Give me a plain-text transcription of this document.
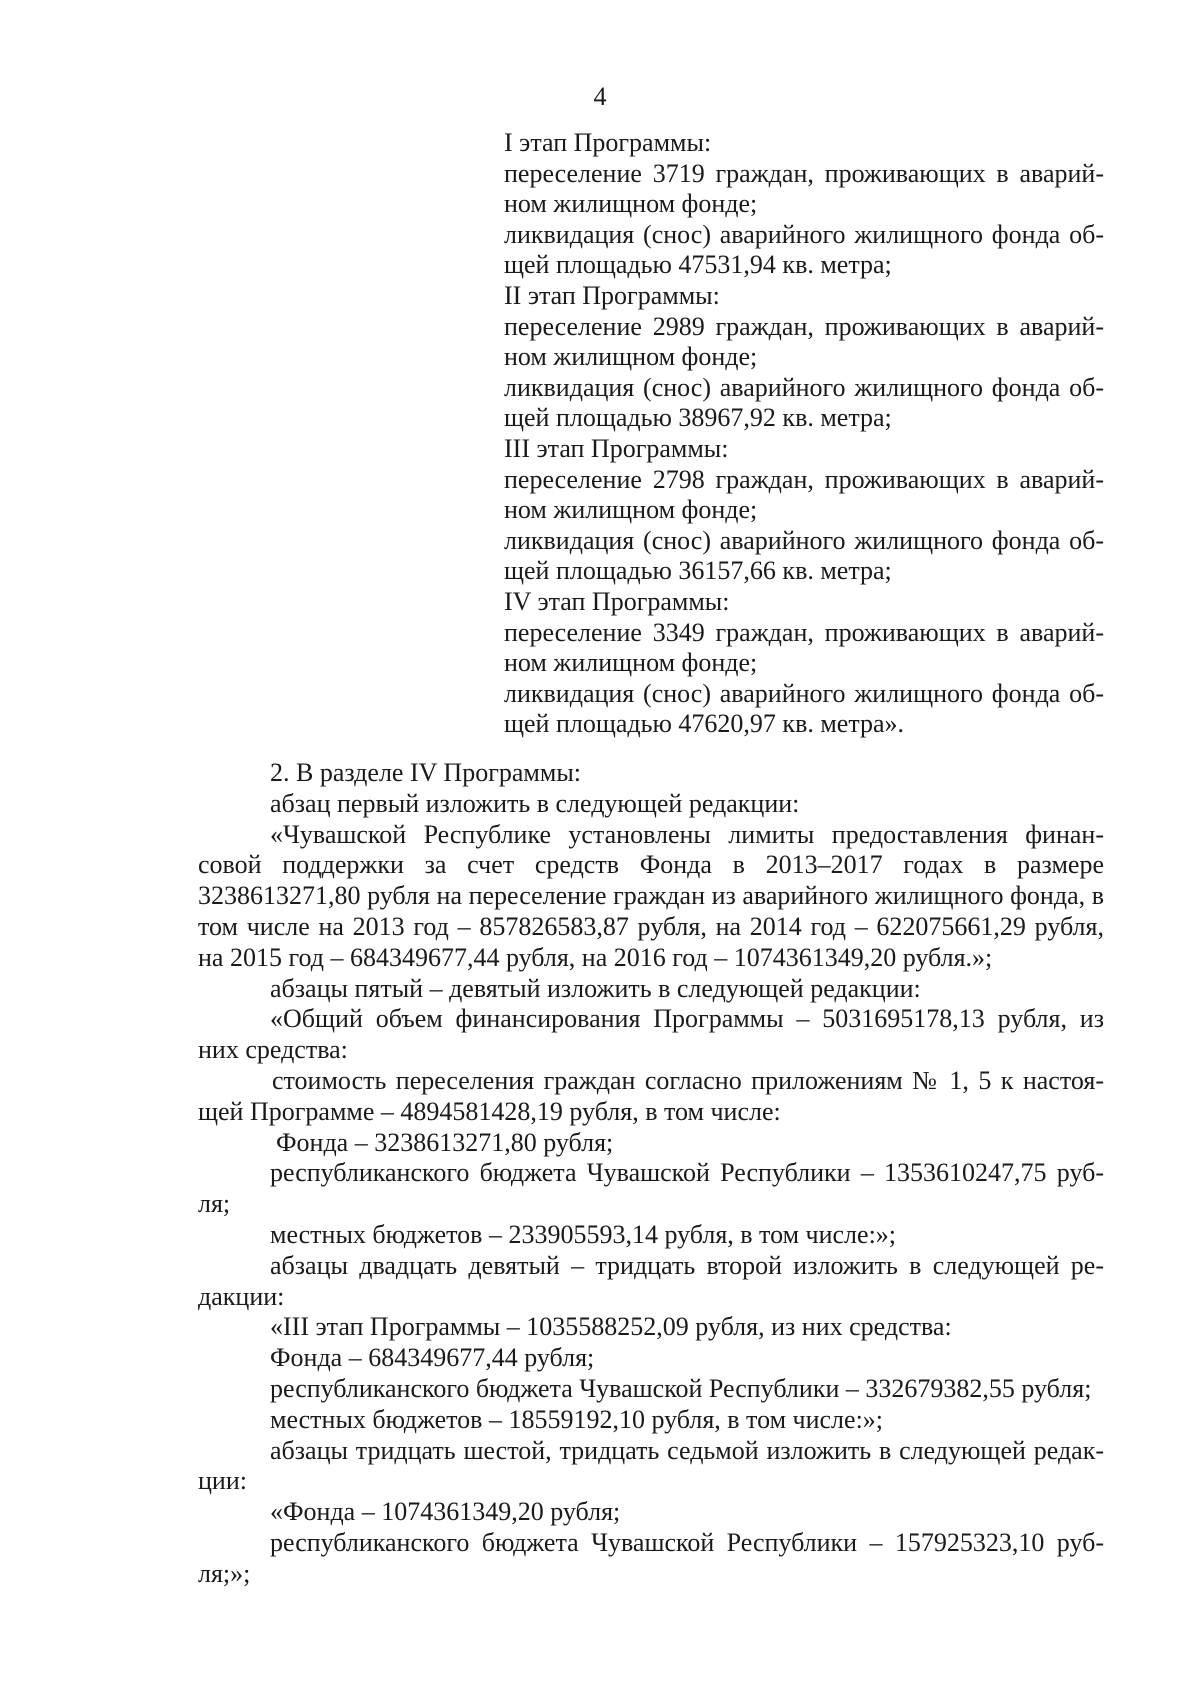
4
I этап Программы:
переселение 3719 граждан, проживающих в аварий-
ном жилищном фонде;
ликвидация (снос) аварийного жилищного фонда об-
щей площадью 47531,94 кв. метра;
II этап Программы:
переселение 2989 граждан, проживающих в аварий-
ном жилищном фонде;
ликвидация (снос) аварийного жилищного фонда об-
щей площадью 38967,92 кв. метра;
III этап Программы:
переселение 2798 граждан, проживающих в аварий-
ном жилищном фонде;
ликвидация (снос) аварийного жилищного фонда об-
щей площадью 36157,66 кв. метра;
IV этап Программы:
переселение 3349 граждан, проживающих в аварий-
ном жилищном фонде;
ликвидация (снос) аварийного жилищного фонда об-
щей площадью 47620,97 кв. метра».
2. В разделе IV Программы:
абзац первый изложить в следующей редакции:
«Чувашской Республике установлены лимиты предоставления финан-
совой поддержки за счет средств Фонда в 2013–2017 годах в размере
3238613271,80 рубля на переселение граждан из аварийного жилищного фонда, в
том числе на 2013 год – 857826583,87 рубля, на 2014 год – 622075661,29 рубля,
на 2015 год – 684349677,44 рубля, на 2016 год – 1074361349,20 рубля.»;
абзацы пятый – девятый изложить в следующей редакции:
«Общий объем финансирования Программы – 5031695178,13 рубля, из
них средства:
стоимость переселения граждан согласно приложениям № 1, 5 к настоя-
щей Программе – 4894581428,19 рубля, в том числе:
Фонда – 3238613271,80 рубля;
республиканского бюджета Чувашской Республики – 1353610247,75 руб-
ля;
местных бюджетов – 233905593,14 рубля, в том числе:»;
абзацы двадцать девятый – тридцать второй изложить в следующей ре-
дакции:
«III этап Программы – 1035588252,09 рубля, из них средства:
Фонда – 684349677,44 рубля;
республиканского бюджета Чувашской Республики – 332679382,55 рубля;
местных бюджетов – 18559192,10 рубля, в том числе:»;
абзацы тридцать шестой, тридцать седьмой изложить в следующей редак-
ции:
«Фонда – 1074361349,20 рубля;
республиканского бюджета Чувашской Республики – 157925323,10 руб-
ля;»;
